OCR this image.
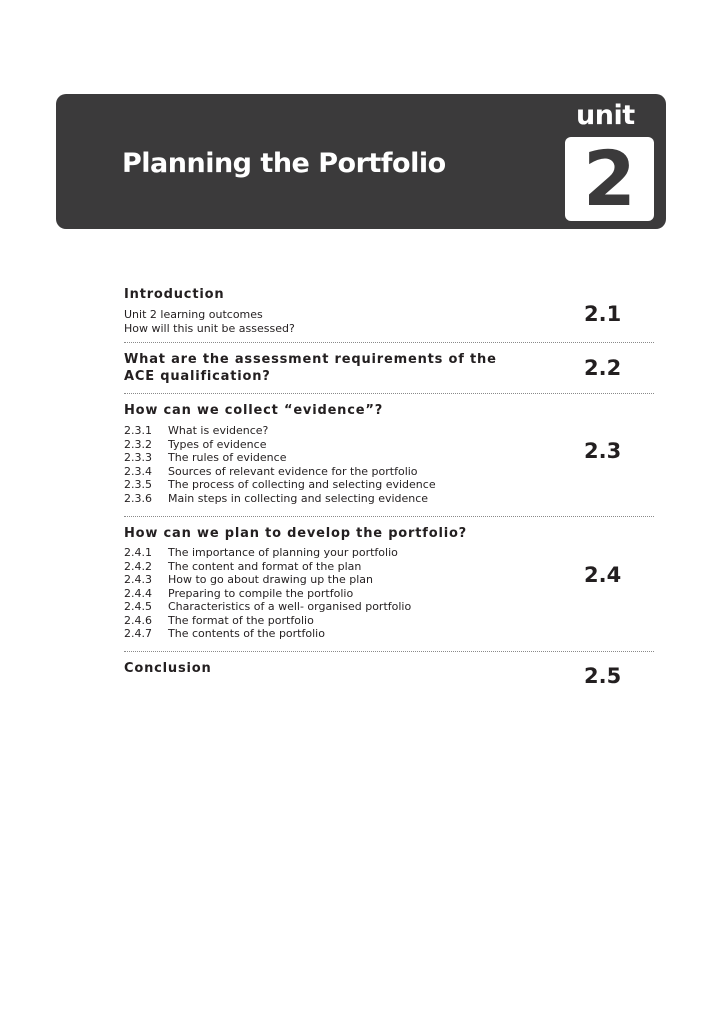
Planning the Portfolio
unit
2

Introduction

Unit 2 learning outcomes

How will this unit be assessed?

2.1

What are the assessment requirements of the ACE qualification?	2.2

How can we collect “evidence”?

2.3.1 What is evidence?
2.3.2 Types of evidence
2.3.3 The rules of evidence
2.3.4 Sources of relevant evidence for the portfolio
2.3.5 The process of collecting and selecting evidence
2.3.6 Main steps in collecting and selecting evidence
2.3

How can we plan to develop the portfolio?

2.4.1 The importance of planning your portfolio
2.4.2 The content and format of the plan
2.4.3 How to go about drawing up the plan
2.4.4 Preparing to compile the portfolio
2.4.5 Characteristics of a well- organised portfolio
2.4.6 The format of the portfolio
2.4.7 The contents of the portfolio
2.4

Conclusion	2.5
